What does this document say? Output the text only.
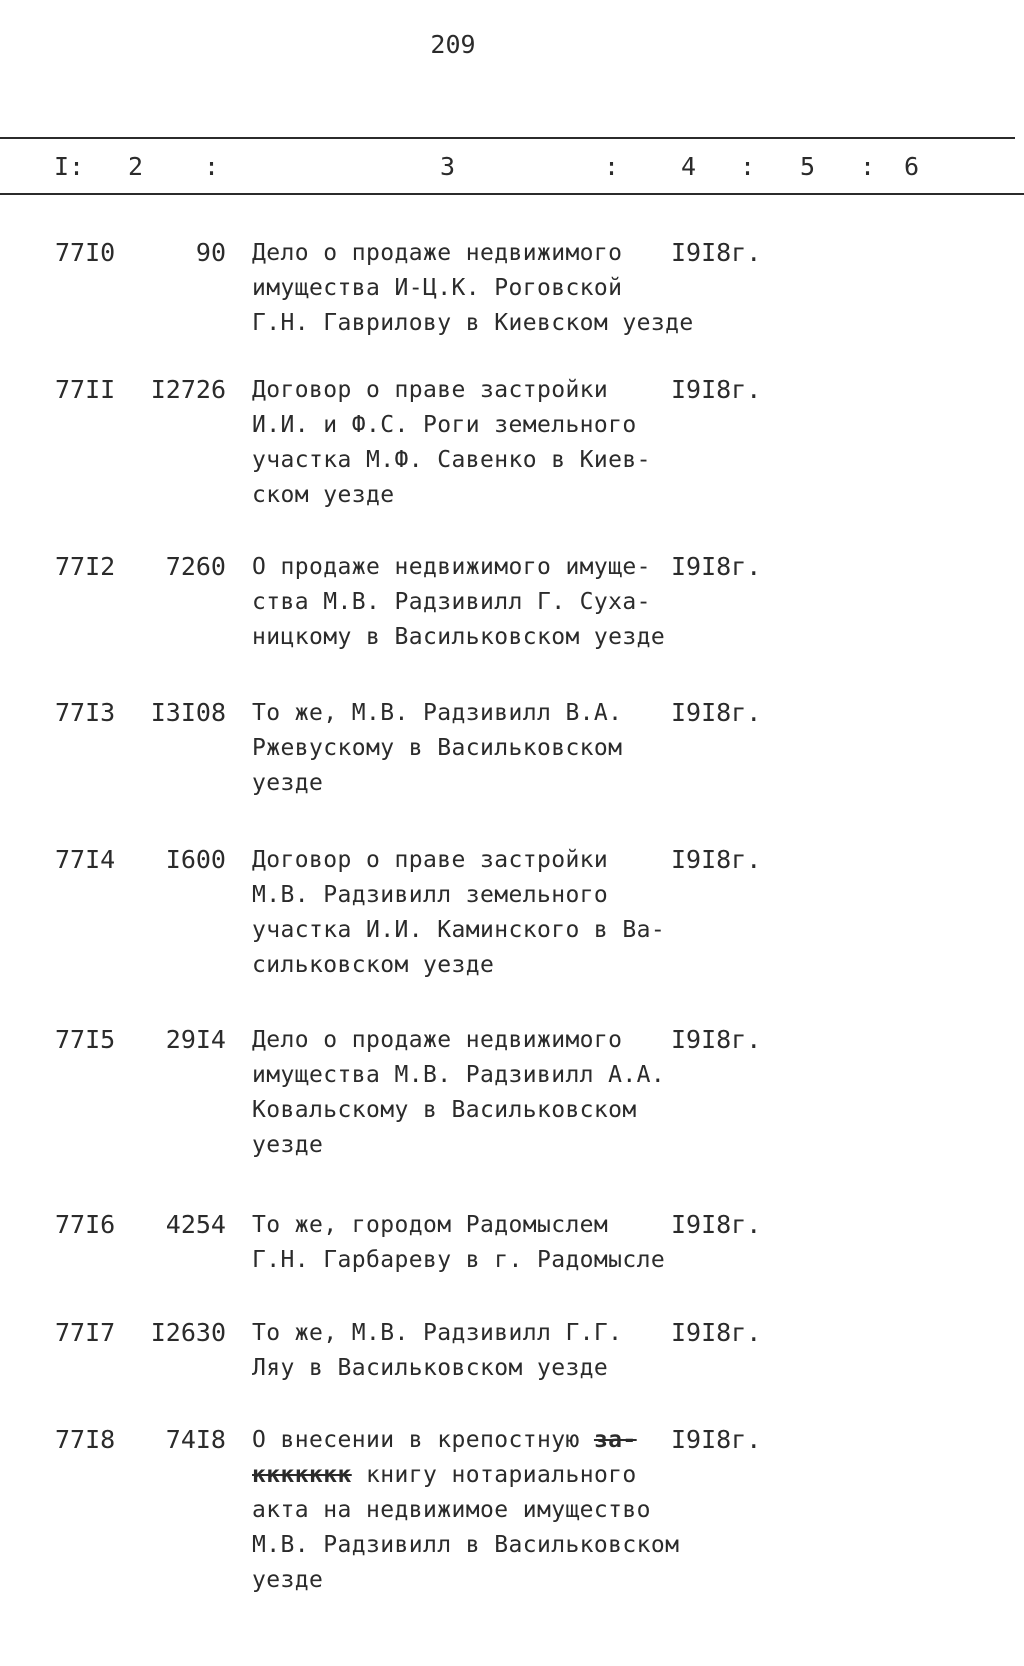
209
I: 2 :	3	: 4 : 5 : 6
77I0	90 Дело о продаже недвижимого
имущества И-Ц.К. Роговской
Г.Н. Гаврилову в Киевском уезде
I9I8г.
77II	I2726 Договор о праве застройки
И.И. и Ф.С. Роги земельного
участка М.Ф. Савенко в Киев-
ском уезде
I9I8г.
77I2	7260 О продаже недвижимого имуще-
ства М.В. Радзивилл Г. Суха-
ницкому в Васильковском уезде
I9I8г.
77I3	I3I08 То же, М.В. Радзивилл В.А.
Ржевускому в Васильковском
уезде
I9I8г.
77I4	I600 Договор о праве застройки
М.В. Радзивилл земельного
участка И.И. Каминского в Ва-
сильковском уезде
I9I8г.
77I5	29I4 Дело о продаже недвижимого
имущества М.В. Радзивилл А.А.
Ковальскому в Васильковском
уезде
I9I8г.
77I6	4254 То же, городом Радомыслем
Г.Н. Гарбареву в г. Радомысле
I9I8г.
77I7	I2630 То же, М.В. Радзивилл Г.Г.
Ляу в Васильковском уезде
I9I8г.
77I8	74I8 О внесении в крепостную за-
ккккккк книгу нотариального
акта на недвижимое имущество
М.В. Радзивилл в Васильковском
уезде
I9I8г.
